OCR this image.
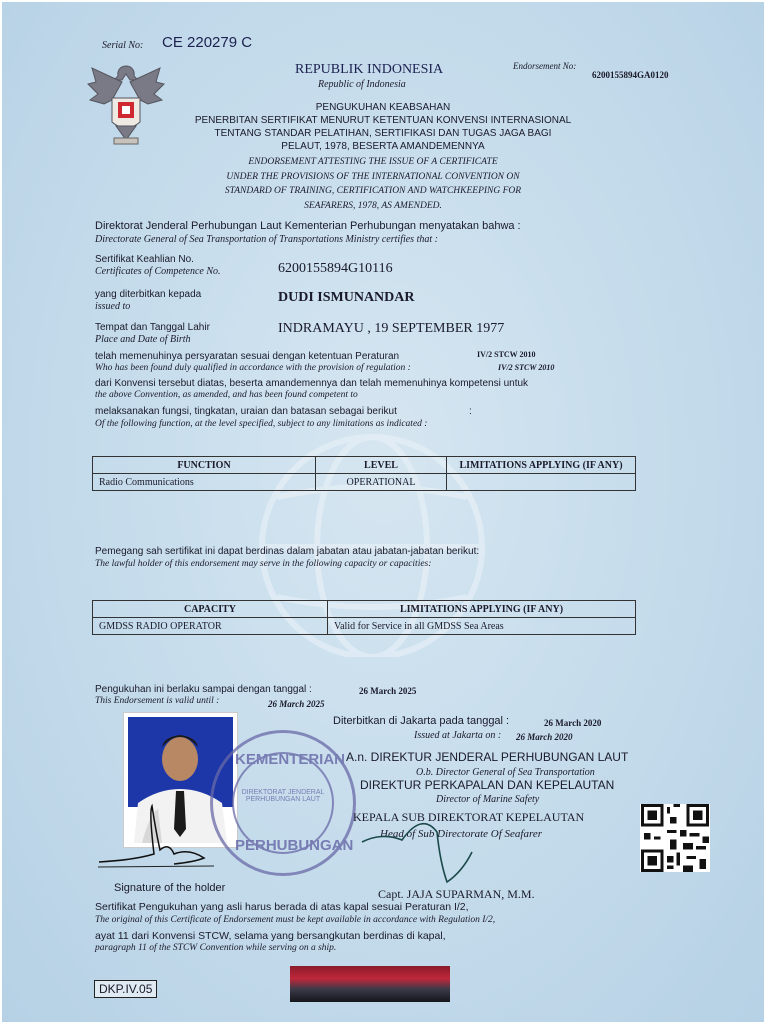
Serial No: CE 220279 C
REPUBLIK INDONESIA
Republic of Indonesia
Endorsement No:
6200155894GA0120
PENGUKUHAN KEABSAHAN
PENERBITAN SERTIFIKAT MENURUT KETENTUAN KONVENSI INTERNASIONAL
TENTANG STANDAR PELATIHAN, SERTIFIKASI DAN TUGAS JAGA BAGI
PELAUT, 1978, BESERTA AMANDEMENNYA
ENDORSEMENT ATTESTING THE ISSUE OF A CERTIFICATE
UNDER THE PROVISIONS OF THE INTERNATIONAL CONVENTION ON
STANDARD OF TRAINING, CERTIFICATION AND WATCHKEEPING FOR
SEAFARERS, 1978, AS AMENDED.
Direktorat Jenderal Perhubungan Laut Kementerian Perhubungan menyatakan bahwa :
Directorate General of Sea Transportation of Transportations Ministry certifies that :
Sertifikat Keahlian No.
Certificates of Competence No.	6200155894G10116
yang diterbitkan kepada
issued to
DUDI ISMUNANDAR
Tempat dan Tanggal Lahir
Place and Date of Birth
INDRAMAYU , 19 SEPTEMBER 1977
telah memenuhinya persyaratan sesuai dengan ketentuan Peraturan	IV/2 STCW 2010
Who has been found duly qualified in accordance with the provision of regulation :	IV/2 STCW 2010
dari Konvensi tersebut diatas, beserta amandemennya dan telah memenuhinya kompetensi untuk
the above Convention, as amended, and has been found competent to
melaksanakan fungsi, tingkatan, uraian dan batasan sebagai berikut	:
Of the following function, at the level specified, subject to any limitations as indicated :
FUNCTION	LEVEL	LIMITATIONS APPLYING (IF ANY)
Radio Communications	OPERATIONAL	
Pemegang sah sertifikat ini dapat berdinas dalam jabatan atau jabatan-jabatan berikut:
The lawful holder of this endorsement may serve in the following capacity or capacities:
CAPACITY	LIMITATIONS APPLYING (IF ANY)
GMDSS RADIO OPERATOR	Valid for Service in all GMDSS Sea Areas
Pengukuhan ini berlaku sampai dengan tanggal :	26 March 2025
This Endorsement is valid until :	26 March 2025
Diterbitkan di Jakarta pada tanggal :	26 March 2020
Issued at Jakarta on : 26 March 2020
KEMENTERIAN
PERHUBUNGAN
DIREKTORAT JENDERAL PERHUBUNGAN LAUT
A.n. DIREKTUR JENDERAL PERHUBUNGAN LAUT
O.b. Director General of Sea Transportation
DIREKTUR PERKAPALAN DAN KEPELAUTAN
Director of Marine Safety
KEPALA SUB DIREKTORAT KEPELAUTAN
Head of Sub Directorate Of Seafarer
Capt. JAJA SUPARMAN, M.M.
Signature of the holder
Sertifikat Pengukuhan yang asli harus berada di atas kapal sesuai Peraturan I/2,
The original of this Certificate of Endorsement must be kept available in accordance with Regulation I/2,
ayat 11 dari Konvensi STCW, selama yang bersangkutan berdinas di kapal,
paragraph 11 of the STCW Convention while serving on a ship.
DKP.IV.05
